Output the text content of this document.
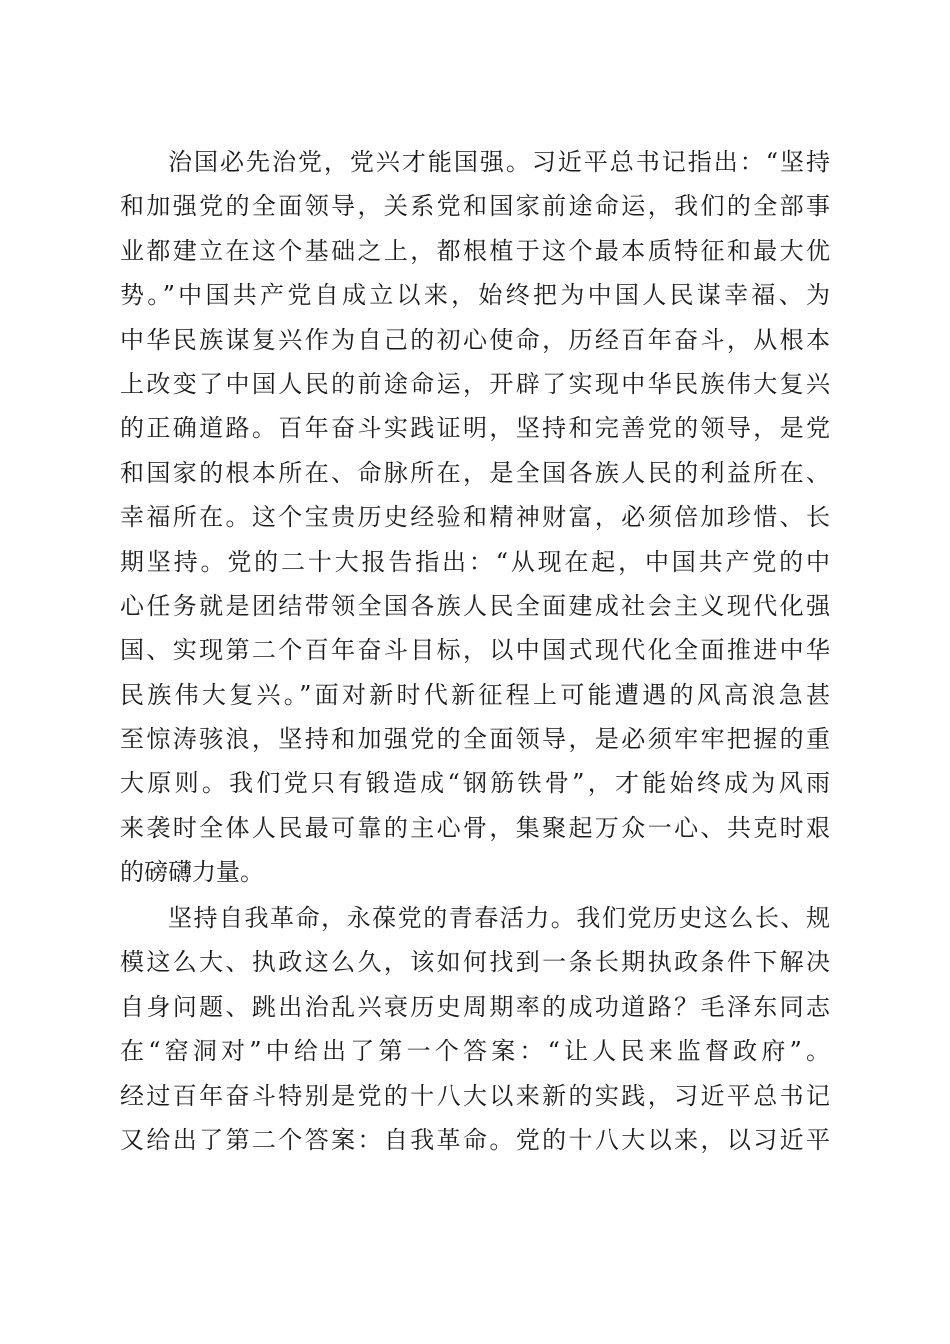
治国必先治党，党兴才能国强。习近平总书记指出：“坚持
和加强党的全面领导，关系党和国家前途命运，我们的全部事
业都建立在这个基础之上，都根植于这个最本质特征和最大优
势。”中国共产党自成立以来，始终把为中国人民谋幸福、为
中华民族谋复兴作为自己的初心使命，历经百年奋斗，从根本
上改变了中国人民的前途命运，开辟了实现中华民族伟大复兴
的正确道路。百年奋斗实践证明，坚持和完善党的领导，是党
和国家的根本所在、命脉所在，是全国各族人民的利益所在、
幸福所在。这个宝贵历史经验和精神财富，必须倍加珍惜、长
期坚持。党的二十大报告指出：“从现在起，中国共产党的中
心任务就是团结带领全国各族人民全面建成社会主义现代化强
国、实现第二个百年奋斗目标，以中国式现代化全面推进中华
民族伟大复兴。”面对新时代新征程上可能遭遇的风高浪急甚
至惊涛骇浪，坚持和加强党的全面领导，是必须牢牢把握的重
大原则。我们党只有锻造成“钢筋铁骨”，才能始终成为风雨
来袭时全体人民最可靠的主心骨，集聚起万众一心、共克时艰
的磅礴力量。
坚持自我革命，永葆党的青春活力。我们党历史这么长、规
模这么大、执政这么久，该如何找到一条长期执政条件下解决
自身问题、跳出治乱兴衰历史周期率的成功道路？毛泽东同志
在“窑洞对”中给出了第一个答案：“让人民来监督政府”。
经过百年奋斗特别是党的十八大以来新的实践，习近平总书记
又给出了第二个答案：自我革命。党的十八大以来，以习近平
